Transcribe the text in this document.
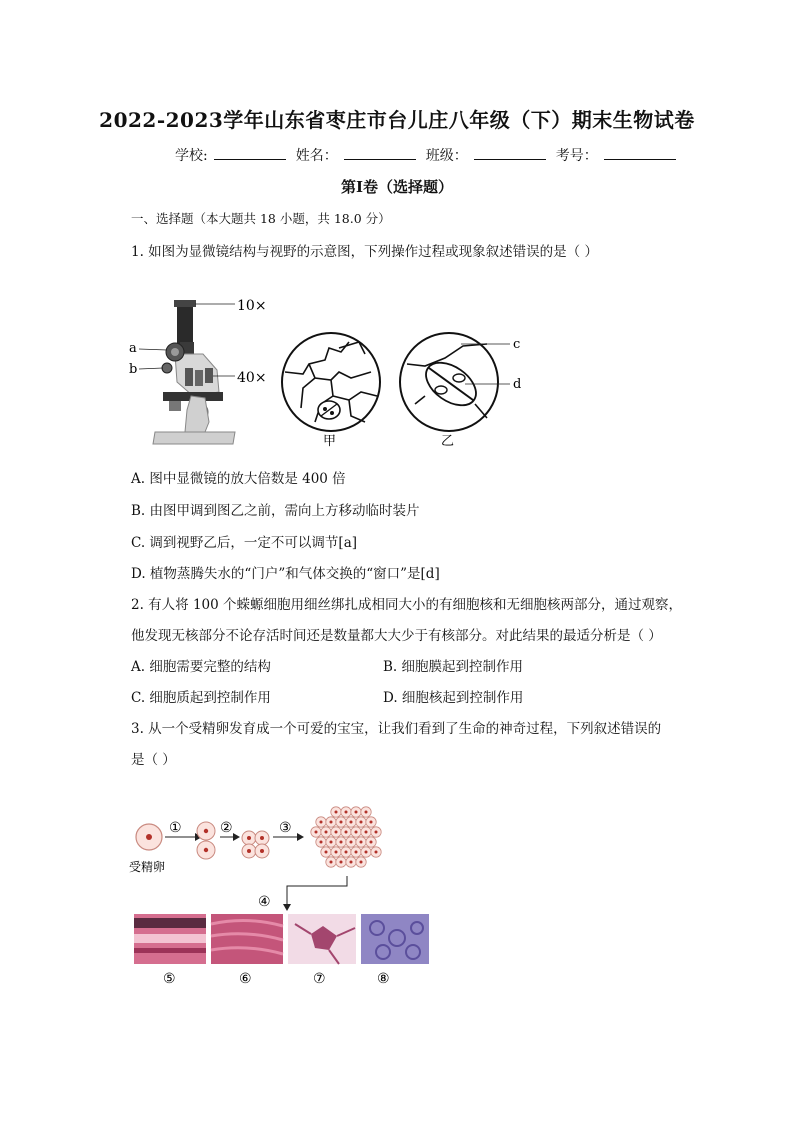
2022-2023学年山东省枣庄市台儿庄八年级（下）期末生物试卷
学校:	姓名：	班级：	考号：
第Ⅰ卷（选择题）
一、选择题（本大题共 18 小题，共 18.0 分）
1. 如图为显微镜结构与视野的示意图，下列操作过程或现象叙述错误的是（ ）
10×
a
b
40×
甲
c
d
乙
A. 图中显微镜的放大倍数是 400 倍
B. 由图甲调到图乙之前，需向上方移动临时装片
C. 调到视野乙后，一定不可以调节[a]
D. 植物蒸腾失水的“门户”和气体交换的“窗口”是[d]
2. 有人将 100 个蝾螈细胞用细丝绑扎成相同大小的有细胞核和无细胞核两部分，通过观察，
他发现无核部分不论存活时间还是数量都大大少于有核部分。对此结果的最适分析是（ ）
A. 细胞需要完整的结构	B. 细胞膜起到控制作用
C. 细胞质起到控制作用	D. 细胞核起到控制作用
3. 从一个受精卵发育成一个可爱的宝宝，让我们看到了生命的神奇过程，下列叙述错误的
是（ ）
受精卵
①	②	③
④
⑤	⑥	⑦	⑧
